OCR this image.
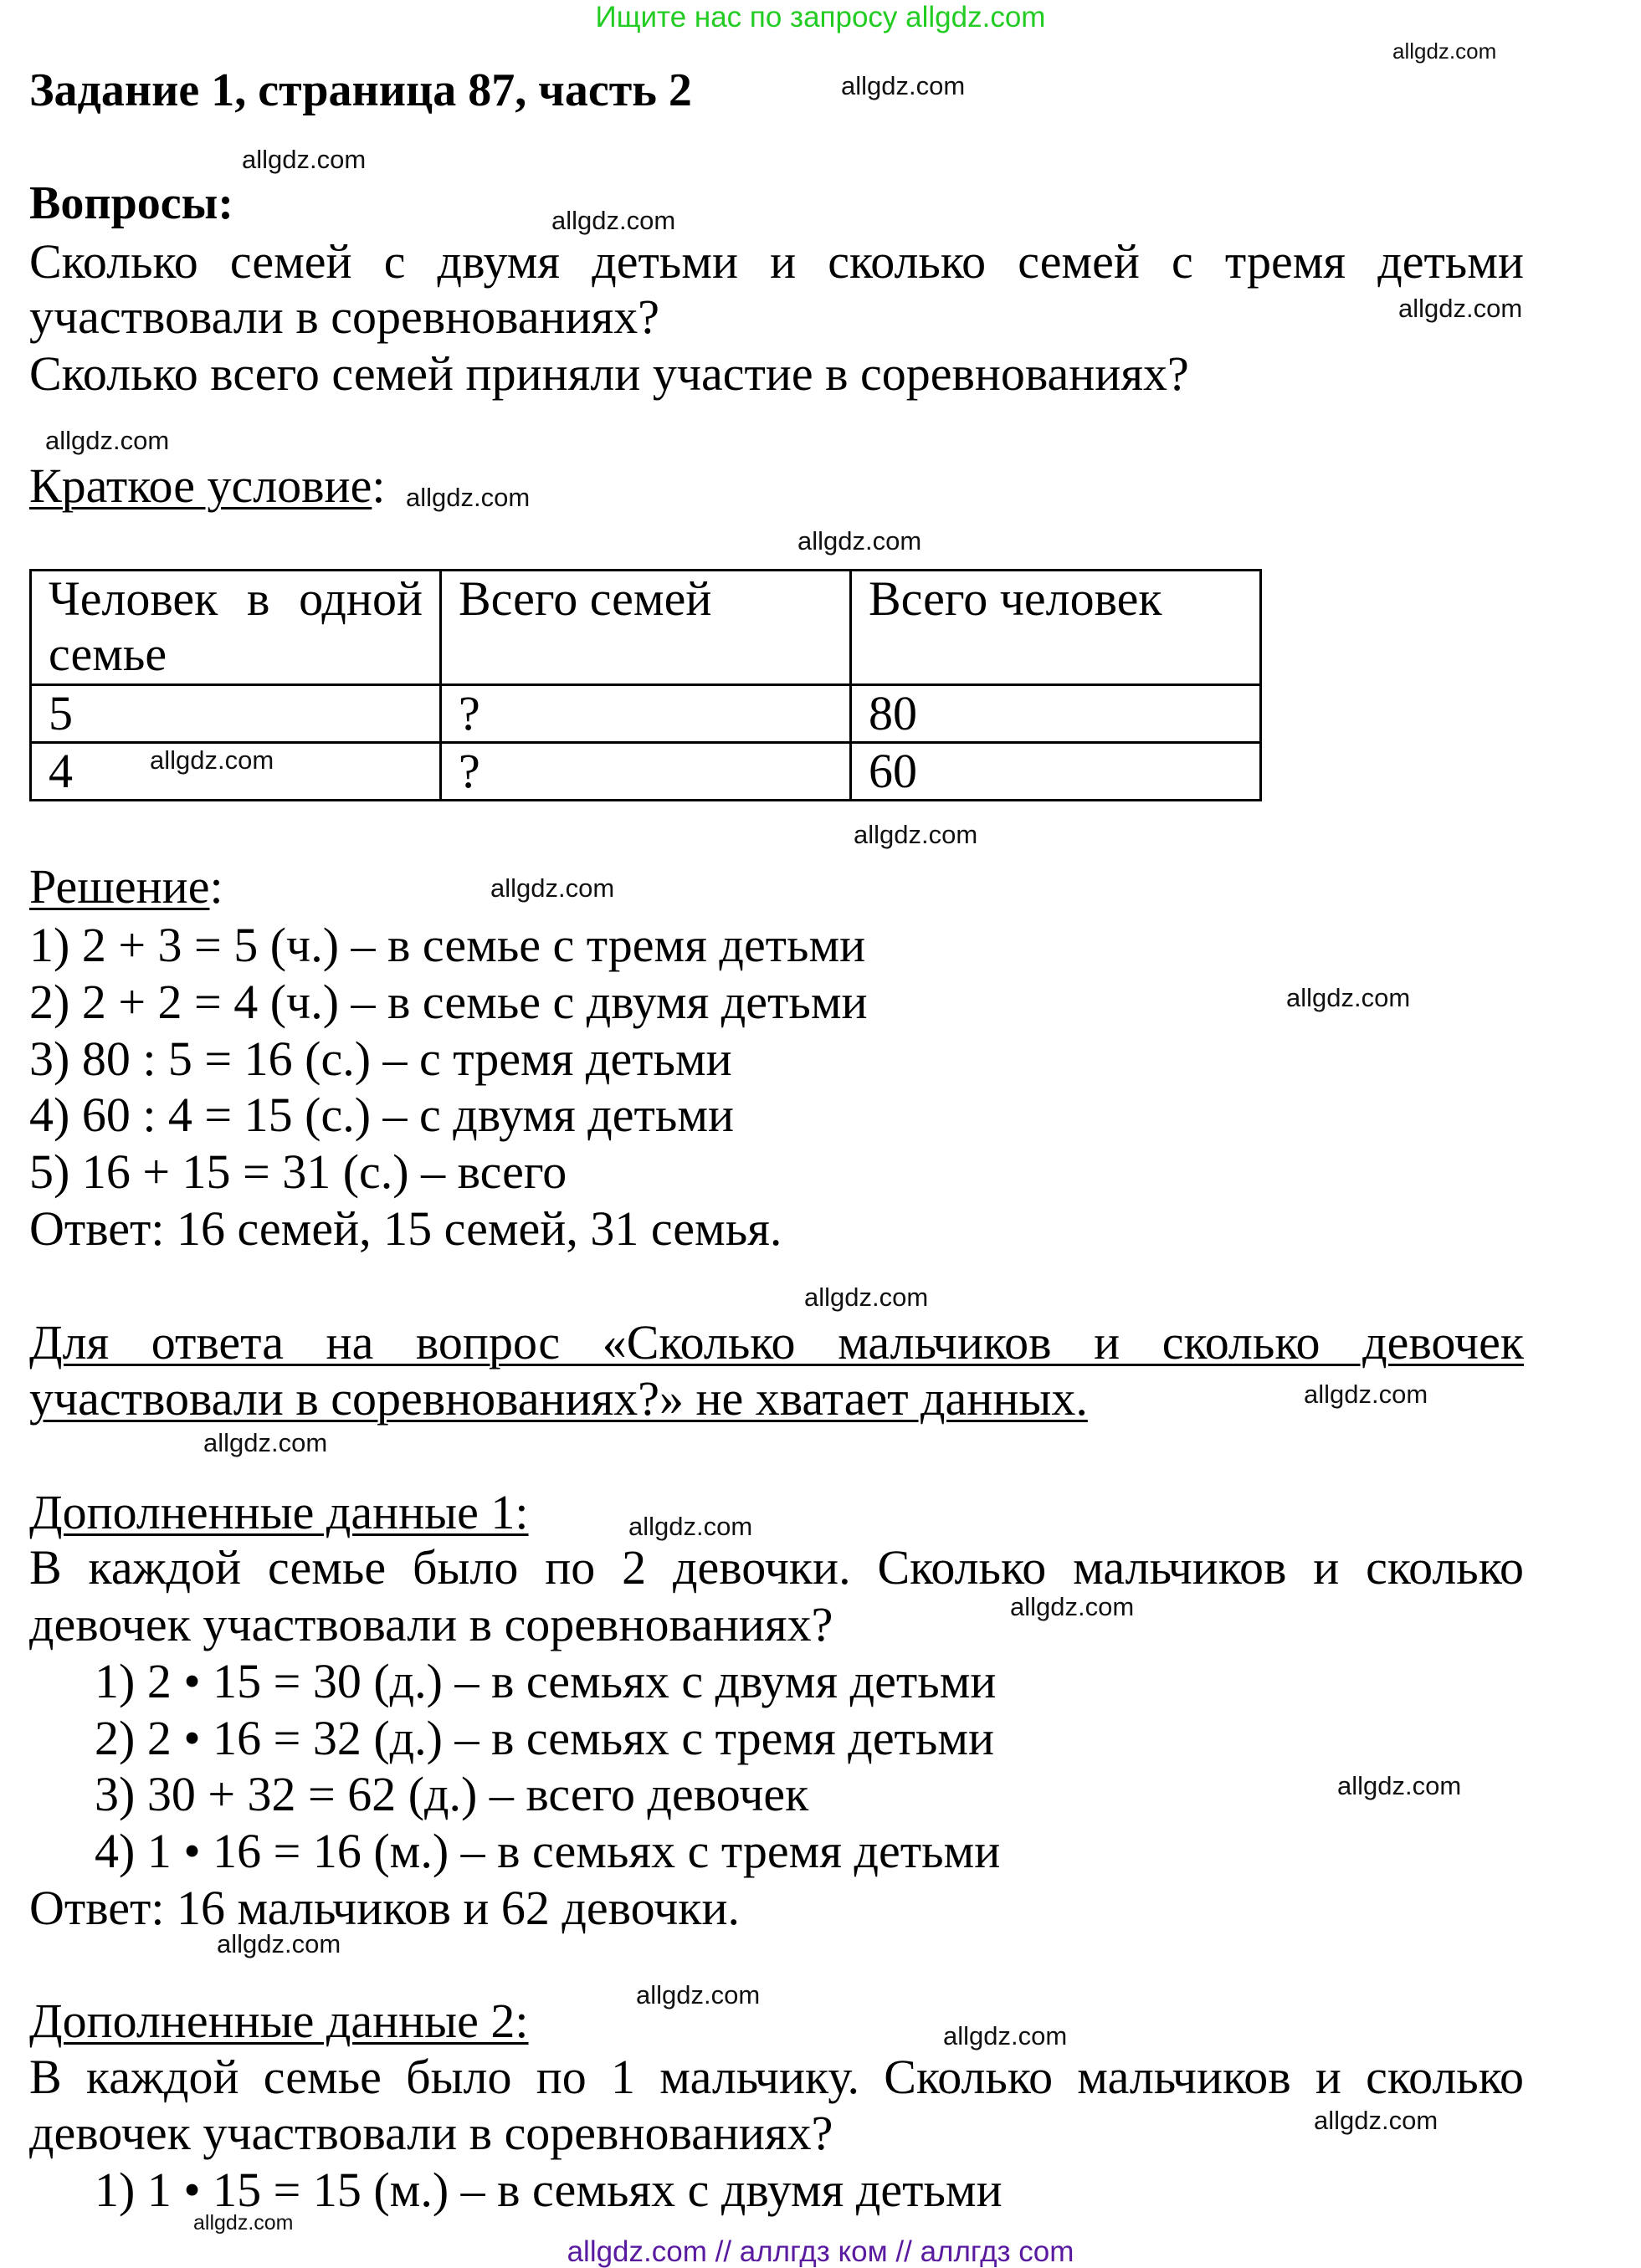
Ищите нас по запросу allgdz.com
Задание 1, страница 87, часть 2
Вопросы:
Сколько семей с двумя детьми и сколько семей с тремя детьми
участвовали в соревнованиях?
Сколько всего семей приняли участие в соревнованиях?
Краткое условие:
Человек в одной семье	Всего семей	Всего человек
5	?	80
4	?	60
Решение:
1) 2 + 3 = 5 (ч.) – в семье с тремя детьми
2) 2 + 2 = 4 (ч.) – в семье с двумя детьми
3) 80 : 5 = 16 (с.) – с тремя детьми
4) 60 : 4 = 15 (с.) – с двумя детьми
5) 16 + 15 = 31 (с.) – всего
Ответ: 16 семей, 15 семей, 31 семья.
Для ответа на вопрос «Сколько мальчиков и сколько девочек
участвовали в соревнованиях?» не хватает данных.
Дополненные данные 1:
В каждой семье было по 2 девочки. Сколько мальчиков и сколько
девочек участвовали в соревнованиях?
1) 2 • 15 = 30 (д.) – в семьях с двумя детьми
2) 2 • 16 = 32 (д.) – в семьях с тремя детьми
3) 30 + 32 = 62 (д.) – всего девочек
4) 1 • 16 = 16 (м.) – в семьях с тремя детьми
Ответ: 16 мальчиков и 62 девочки.
Дополненные данные 2:
В каждой семье было по 1 мальчику. Сколько мальчиков и сколько
девочек участвовали в соревнованиях?
1) 1 • 15 = 15 (м.) – в семьях с двумя детьми
allgdz.com
allgdz.com
allgdz.com
allgdz.com
allgdz.com
allgdz.com
allgdz.com
allgdz.com
allgdz.com
allgdz.com
allgdz.com
allgdz.com
allgdz.com
allgdz.com
allgdz.com
allgdz.com
allgdz.com
allgdz.com
allgdz.com
allgdz.com
allgdz.com
allgdz.com
allgdz.com
allgdz.com // аллгдз ком // аллгдз com
